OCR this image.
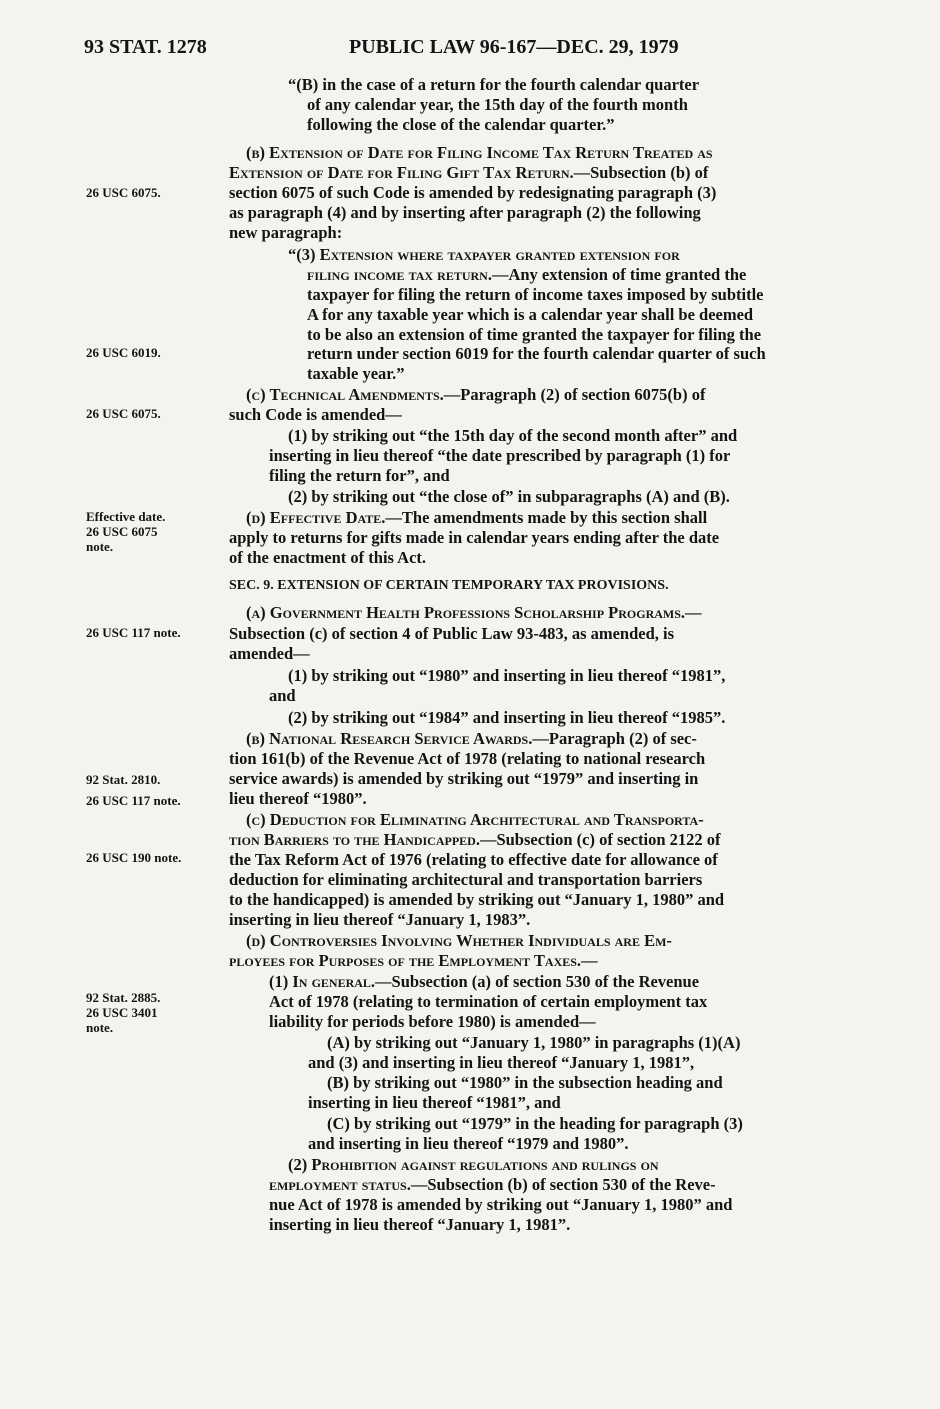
93 STAT. 1278	PUBLIC LAW 96-167—DEC. 29, 1979
26 USC 6075.
26 USC 6019.
26 USC 6075.
Effective date.
26 USC 6075
note.
26 USC 117 note.
92 Stat. 2810.
26 USC 117 note.
26 USC 190 note.
92 Stat. 2885.
26 USC 3401
note.
“(B) in the case of a return for the fourth calendar quarter
of any calendar year, the 15th day of the fourth month
following the close of the calendar quarter.”
(b) Extension of Date for Filing Income Tax Return Treated as
Extension of Date for Filing Gift Tax Return.—Subsection (b) of
section 6075 of such Code is amended by redesignating paragraph (3)
as paragraph (4) and by inserting after paragraph (2) the following
new paragraph:
“(3) Extension where taxpayer granted extension for
filing income tax return.—Any extension of time granted the
taxpayer for filing the return of income taxes imposed by subtitle
A for any taxable year which is a calendar year shall be deemed
to be also an extension of time granted the taxpayer for filing the
return under section 6019 for the fourth calendar quarter of such
taxable year.”
(c) Technical Amendments.—Paragraph (2) of section 6075(b) of
such Code is amended—
(1) by striking out “the 15th day of the second month after” and
inserting in lieu thereof “the date prescribed by paragraph (1) for
filing the return for”, and
(2) by striking out “the close of” in subparagraphs (A) and (B).
(d) Effective Date.—The amendments made by this section shall
apply to returns for gifts made in calendar years ending after the date
of the enactment of this Act.
SEC. 9. EXTENSION OF CERTAIN TEMPORARY TAX PROVISIONS.
(a) Government Health Professions Scholarship Programs.—
Subsection (c) of section 4 of Public Law 93-483, as amended, is
amended—
(1) by striking out “1980” and inserting in lieu thereof “1981”,
and
(2) by striking out “1984” and inserting in lieu thereof “1985”.
(b) National Research Service Awards.—Paragraph (2) of sec-
tion 161(b) of the Revenue Act of 1978 (relating to national research
service awards) is amended by striking out “1979” and inserting in
lieu thereof “1980”.
(c) Deduction for Eliminating Architectural and Transporta-
tion Barriers to the Handicapped.—Subsection (c) of section 2122 of
the Tax Reform Act of 1976 (relating to effective date for allowance of
deduction for eliminating architectural and transportation barriers
to the handicapped) is amended by striking out “January 1, 1980” and
inserting in lieu thereof “January 1, 1983”.
(d) Controversies Involving Whether Individuals are Em-
ployees for Purposes of the Employment Taxes.—
(1) In general.—Subsection (a) of section 530 of the Revenue
Act of 1978 (relating to termination of certain employment tax
liability for periods before 1980) is amended—
(A) by striking out “January 1, 1980” in paragraphs (1)(A)
and (3) and inserting in lieu thereof “January 1, 1981”,
(B) by striking out “1980” in the subsection heading and
inserting in lieu thereof “1981”, and
(C) by striking out “1979” in the heading for paragraph (3)
and inserting in lieu thereof “1979 and 1980”.
(2) Prohibition against regulations and rulings on
employment status.—Subsection (b) of section 530 of the Reve-
nue Act of 1978 is amended by striking out “January 1, 1980” and
inserting in lieu thereof “January 1, 1981”.
